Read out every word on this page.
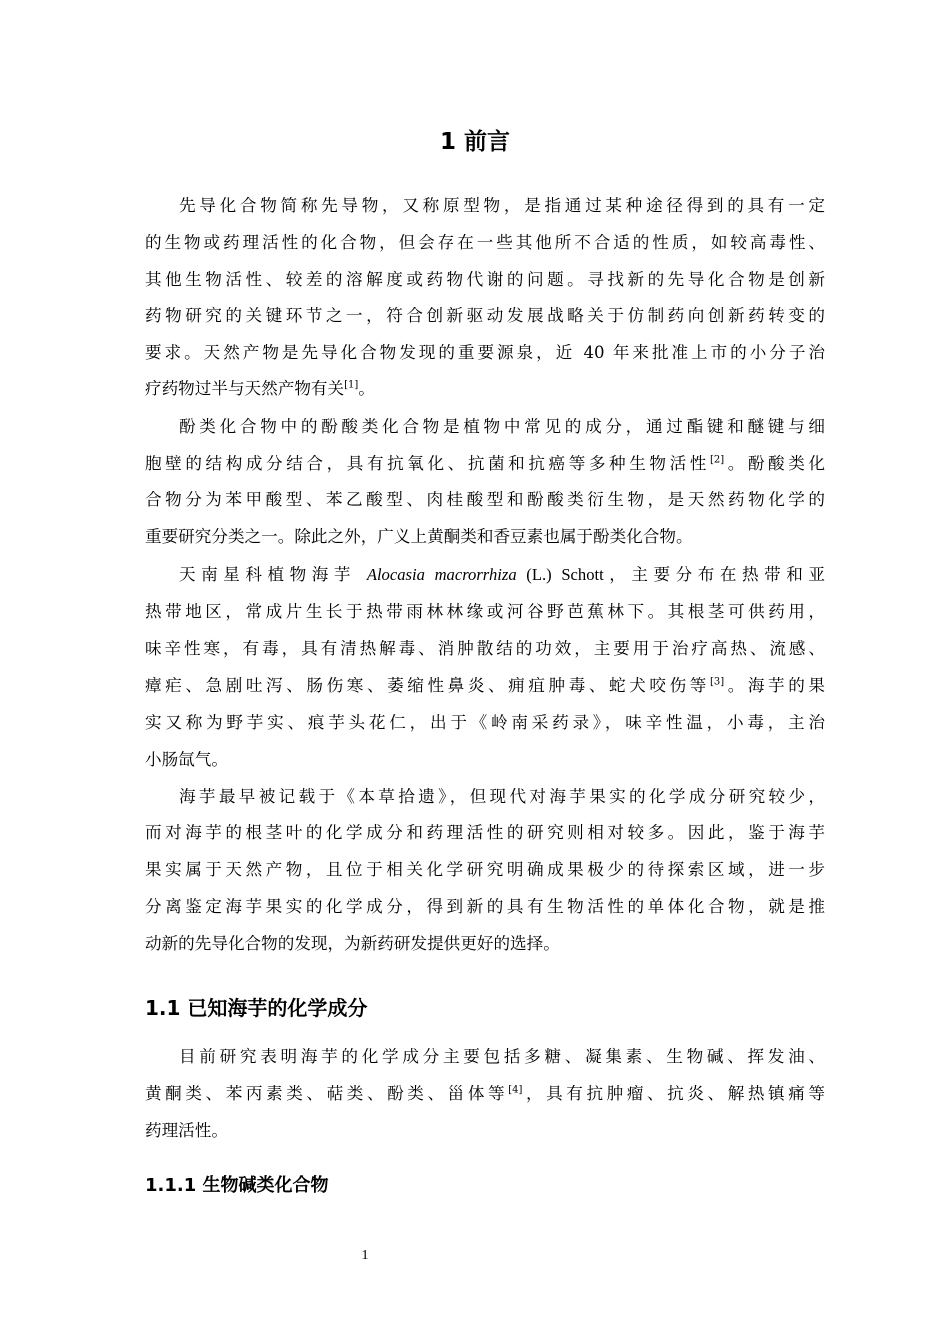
1 前言

先导化合物简称先导物，又称原型物，是指通过某种途径得到的具有一定

的生物或药理活性的化合物，但会存在一些其他所不合适的性质，如较高毒性、

其他生物活性、较差的溶解度或药物代谢的问题。寻找新的先导化合物是创新

药物研究的关键环节之一，符合创新驱动发展战略关于仿制药向创新药转变的

要求。天然产物是先导化合物发现的重要源泉，近 40 年来批准上市的小分子治

疗药物过半与天然产物有关[1]。

酚类化合物中的酚酸类化合物是植物中常见的成分，通过酯键和醚键与细

胞壁的结构成分结合，具有抗氧化、抗菌和抗癌等多种生物活性[2]。酚酸类化

合物分为苯甲酸型、苯乙酸型、肉桂酸型和酚酸类衍生物，是天然药物化学的

重要研究分类之一。除此之外，广义上黄酮类和香豆素也属于酚类化合物。

天南星科植物海芋 Alocasia macrorrhiza (L.) Schott，主要分布在热带和亚

热带地区，常成片生长于热带雨林林缘或河谷野芭蕉林下。其根茎可供药用，

味辛性寒，有毒，具有清热解毒、消肿散结的功效，主要用于治疗高热、流感、

瘴疟、急剧吐泻、肠伤寒、萎缩性鼻炎、痈疽肿毒、蛇犬咬伤等[3]。海芋的果

实又称为野芋实、痕芋头花仁，出于《岭南采药录》，味辛性温，小毒，主治

小肠氙气。

海芋最早被记载于《本草拾遗》，但现代对海芋果实的化学成分研究较少，

而对海芋的根茎叶的化学成分和药理活性的研究则相对较多。因此，鉴于海芋

果实属于天然产物，且位于相关化学研究明确成果极少的待探索区域，进一步

分离鉴定海芋果实的化学成分，得到新的具有生物活性的单体化合物，就是推

动新的先导化合物的发现，为新药研发提供更好的选择。

1.1 已知海芋的化学成分

目前研究表明海芋的化学成分主要包括多糖、凝集素、生物碱、挥发油、

黄酮类、苯丙素类、萜类、酚类、甾体等[4]，具有抗肿瘤、抗炎、解热镇痛等

药理活性。

1.1.1 生物碱类化合物
1
